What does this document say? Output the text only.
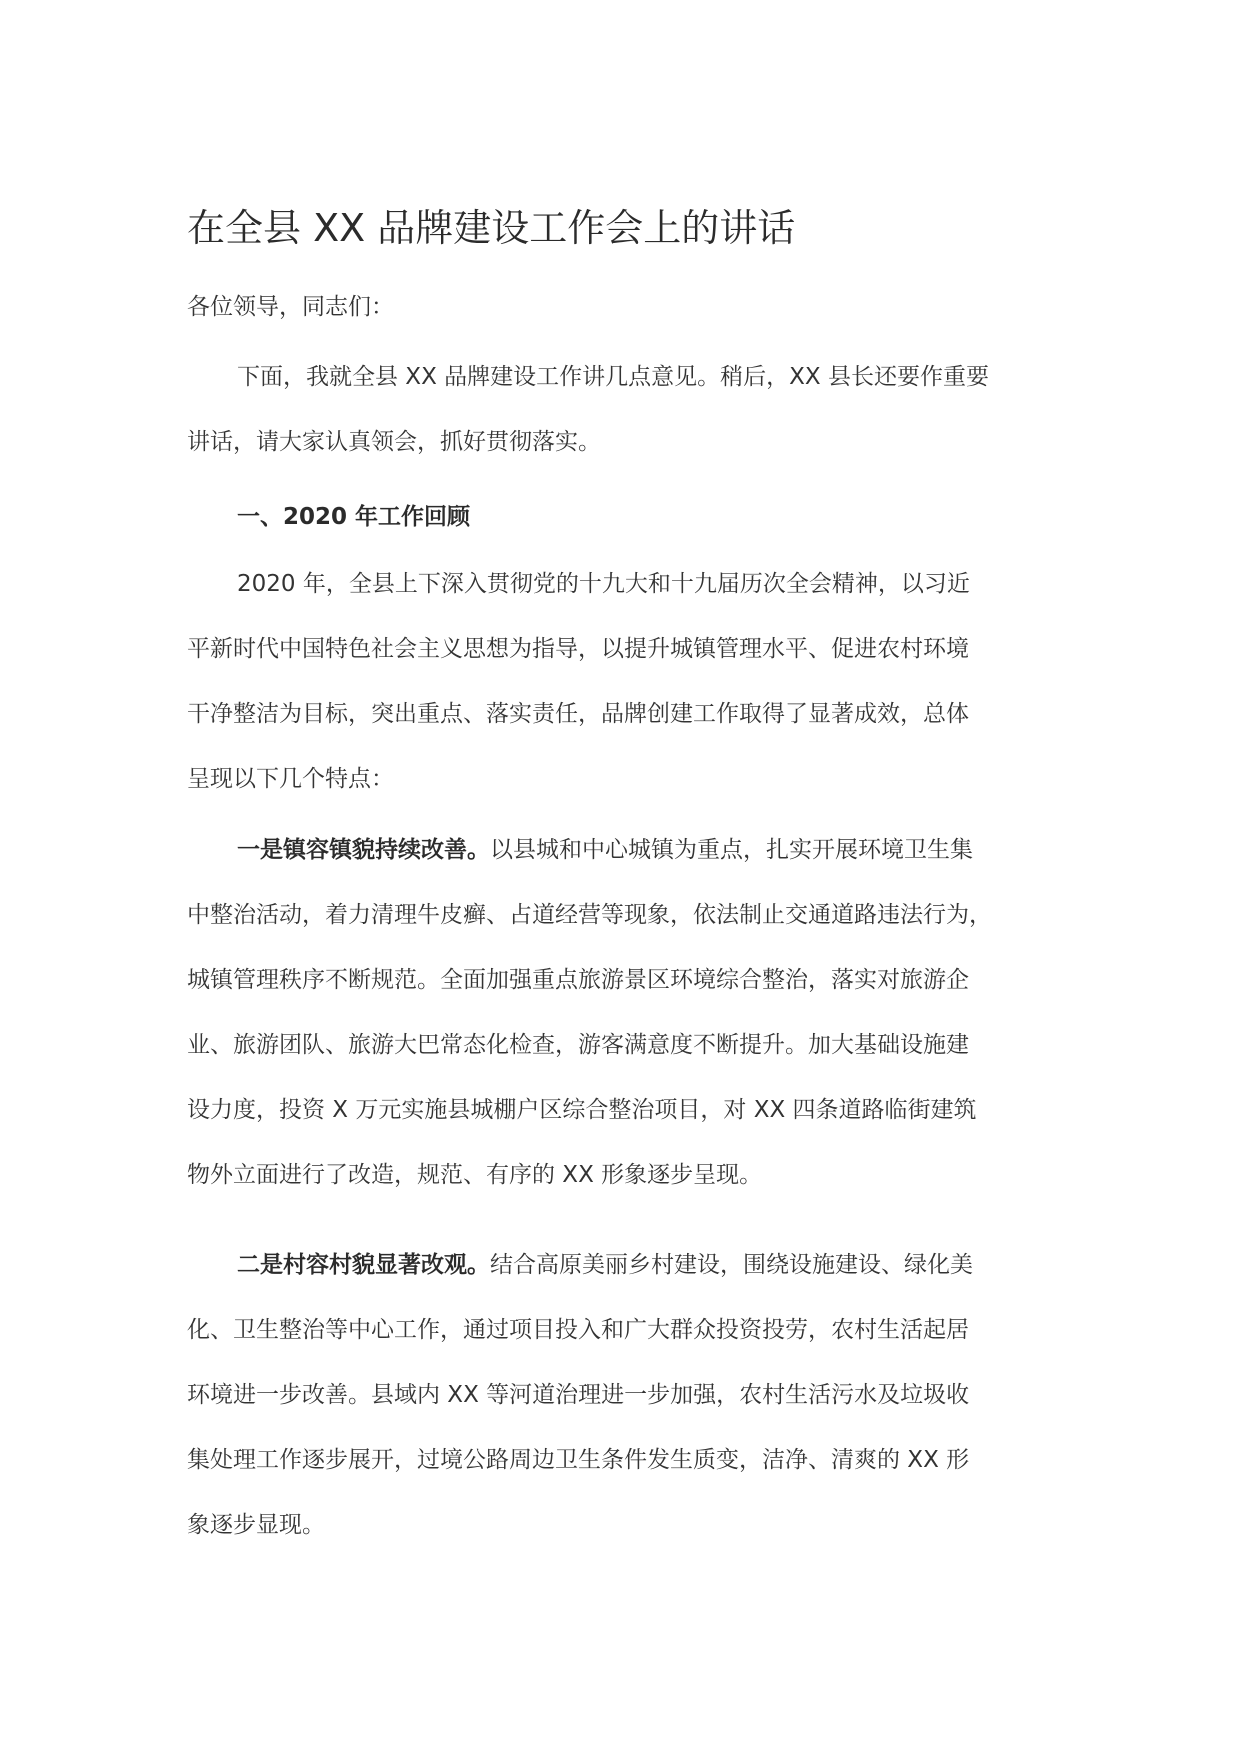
在全县 XX 品牌建设工作会上的讲话

各位领导，同志们：

下面，我就全县 XX 品牌建设工作讲几点意见。稍后，XX 县长还要作重要
讲话，请大家认真领会，抓好贯彻落实。

一、2020 年工作回顾

2020 年，全县上下深入贯彻党的十九大和十九届历次全会精神，以习近
平新时代中国特色社会主义思想为指导，以提升城镇管理水平、促进农村环境
干净整洁为目标，突出重点、落实责任，品牌创建工作取得了显著成效，总体
呈现以下几个特点：
一是镇容镇貌持续改善。以县城和中心城镇为重点，扎实开展环境卫生集
中整治活动，着力清理牛皮癣、占道经营等现象，依法制止交通道路违法行为，
城镇管理秩序不断规范。全面加强重点旅游景区环境综合整治，落实对旅游企
业、旅游团队、旅游大巴常态化检查，游客满意度不断提升。加大基础设施建
设力度，投资 X 万元实施县城棚户区综合整治项目，对 XX 四条道路临街建筑
物外立面进行了改造，规范、有序的 XX 形象逐步呈现。
二是村容村貌显著改观。结合高原美丽乡村建设，围绕设施建设、绿化美
化、卫生整治等中心工作，通过项目投入和广大群众投资投劳，农村生活起居
环境进一步改善。县域内 XX 等河道治理进一步加强，农村生活污水及垃圾收
集处理工作逐步展开，过境公路周边卫生条件发生质变，洁净、清爽的 XX 形
象逐步显现。
